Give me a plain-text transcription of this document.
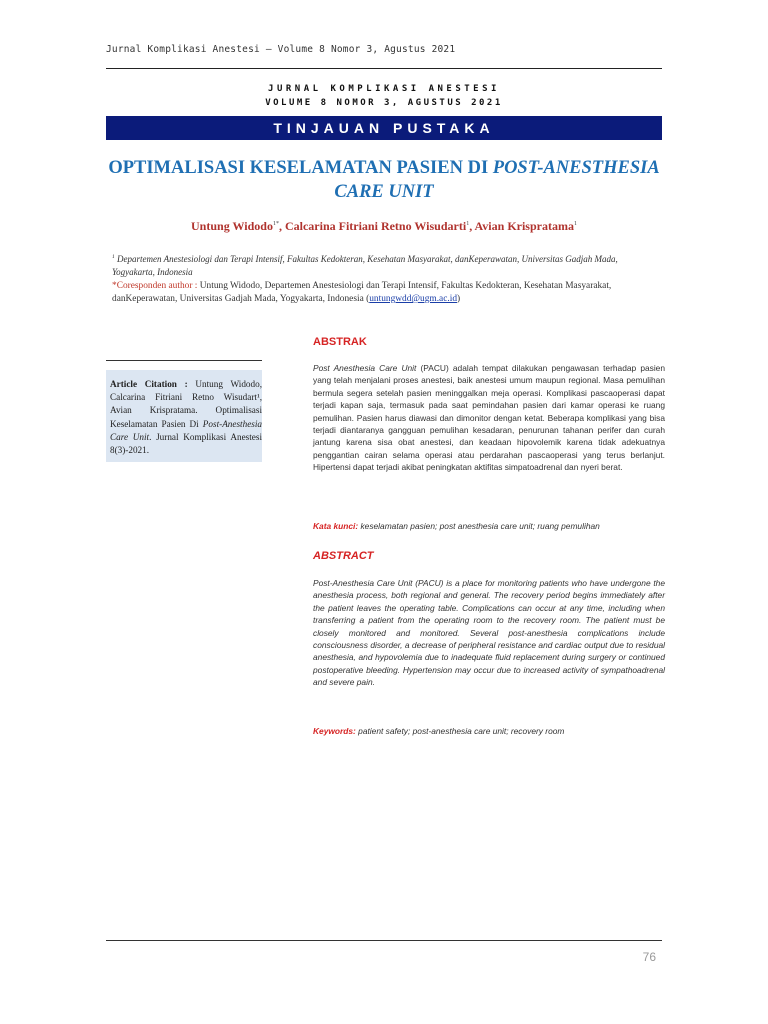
Jurnal Komplikasi Anestesi – Volume 8 Nomor 3, Agustus 2021
JURNAL KOMPLIKASI ANESTESI
VOLUME 8 NOMOR 3, AGUSTUS 2021
TINJAUAN PUSTAKA
OPTIMALISASI KESELAMATAN PASIEN DI POST-ANESTHESIA
CARE UNIT
Untung Widodo$^{1*}$, Calcarina Fitriani Retno Wisudarti$^1$, Avian Krispratama$^1$
$^1$ Departemen Anestesiologi dan Terapi Intensif, Fakultas Kedokteran, Kesehatan Masyarakat, danKeperawatan, Universitas Gadjah Mada, Yogyakarta, Indonesia
*Coresponden author : Untung Widodo, Departemen Anestesiologi dan Terapi Intensif, Fakultas Kedokteran, Kesehatan Masyarakat, danKeperawatan, Universitas Gadjah Mada, Yogyakarta, Indonesia (untungwdd@ugm.ac.id)
ABSTRAK
Article Citation : Untung Widodo, Calcarina Fitriani Retno Wisudart¹, Avian Krispratama. Optimalisasi Keselamatan Pasien Di Post-Anesthesia Care Unit. Jurnal Komplikasi Anestesi 8(3)-2021.
Post Anesthesia Care Unit (PACU) adalah tempat dilakukan pengawasan terhadap pasien yang telah menjalani proses anestesi, baik anestesi umum maupun regional. Masa pemulihan bermula segera setelah pasien meninggalkan meja operasi. Komplikasi pascaoperasi dapat terjadi kapan saja, termasuk pada saat pemindahan pasien dari kamar operasi ke ruang pemulihan. Pasien harus diawasi dan dimonitor dengan ketat. Beberapa komplikasi yang bisa terjadi diantaranya gangguan pemulihan kesadaran, penurunan tahanan perifer dan curah jantung karena sisa obat anestesi, dan keadaan hipovolemik karena tidak adekuatnya penggantian cairan selama operasi atau perdarahan pascaoperasi yang terus berlanjut. Hipertensi dapat terjadi akibat peningkatan aktifitas simpatoadrenal dan nyeri berat.
Kata kunci: keselamatan pasien; post anesthesia care unit; ruang pemulihan
ABSTRACT
Post-Anesthesia Care Unit (PACU) is a place for monitoring patients who have undergone the anesthesia process, both regional and general. The recovery period begins immediately after the patient leaves the operating table. Complications can occur at any time, including when transferring a patient from the operating room to the recovery room. The patient must be closely monitored and monitored. Several post-anesthesia complications include consciousness disorder, a decrease of peripheral resistance and cardiac output due to residual anesthesia, and hypovolemia due to inadequate fluid replacement during surgery or continued postoperative bleeding. Hypertension may occur due to increased activity of sympathoadrenal and severe pain.
Keywords: patient safety; post-anesthesia care unit; recovery room
76
